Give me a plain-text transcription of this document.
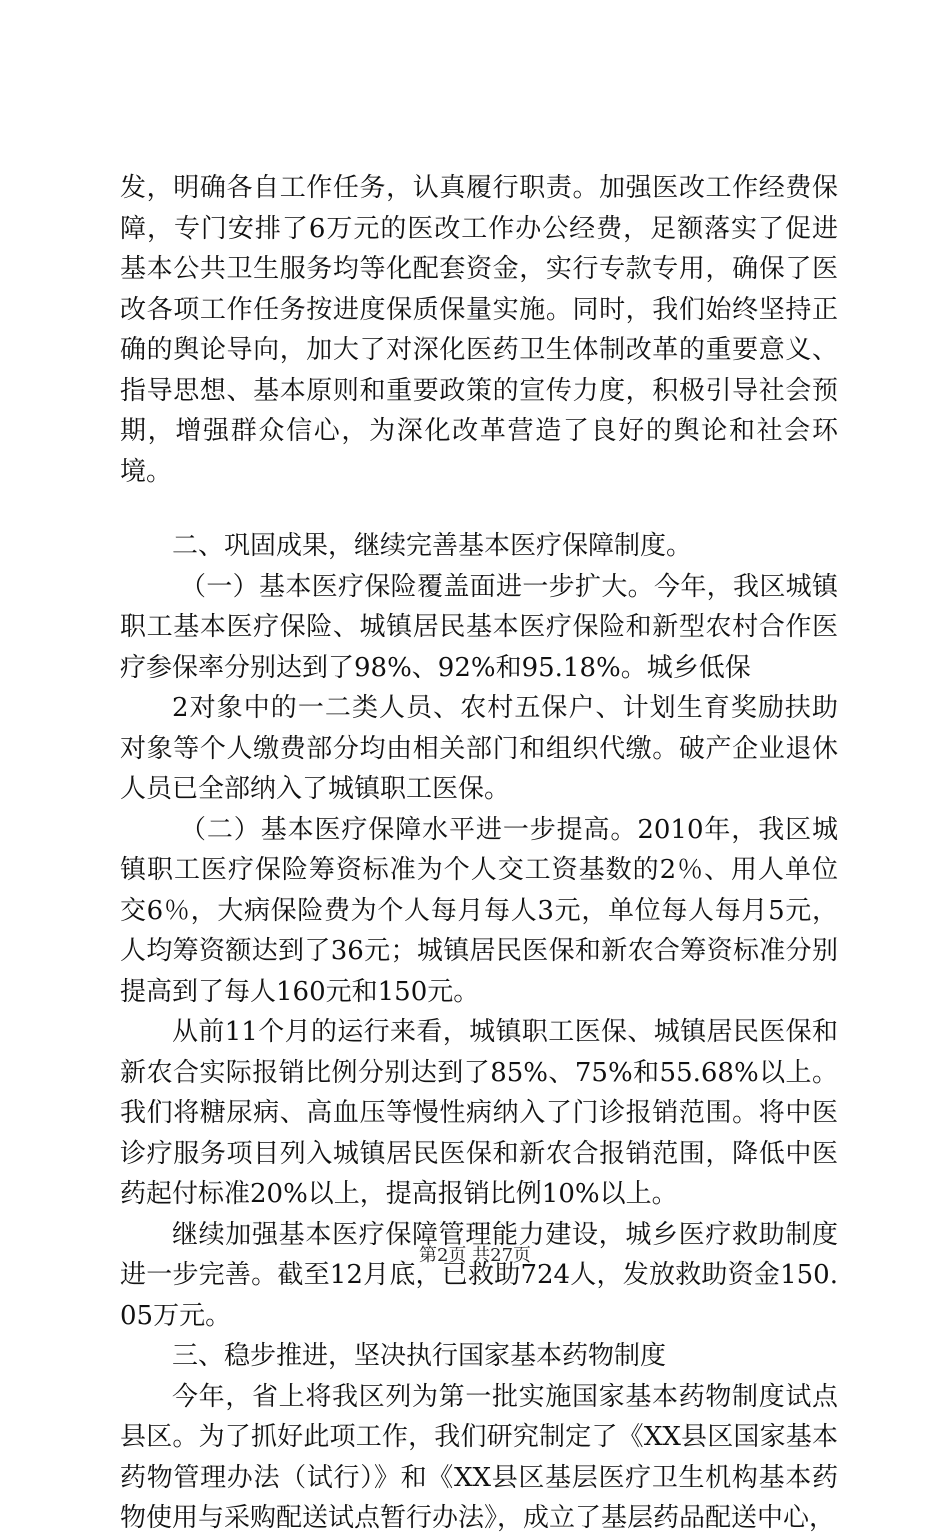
发，明确各自工作任务，认真履行职责。加强医改工作经费保障，专门安排了6万元的医改工作办公经费，足额落实了促进基本公共卫生服务均等化配套资金，实行专款专用，确保了医改各项工作任务按进度保质保量实施。同时，我们始终坚持正确的舆论导向，加大了对深化医药卫生体制改革的重要意义、指导思想、基本原则和重要政策的宣传力度，积极引导社会预期，增强群众信心，为深化改革营造了良好的舆论和社会环境。

二、巩固成果，继续完善基本医疗保障制度。

（一）基本医疗保险覆盖面进一步扩大。今年，我区城镇职工基本医疗保险、城镇居民基本医疗保险和新型农村合作医疗参保率分别达到了98%、92%和95.18%。城乡低保

2对象中的一二类人员、农村五保户、计划生育奖励扶助对象等个人缴费部分均由相关部门和组织代缴。破产企业退休人员已全部纳入了城镇职工医保。

（二）基本医疗保障水平进一步提高。2010年，我区城镇职工医疗保险筹资标准为个人交工资基数的2％、用人单位交6％，大病保险费为个人每月每人3元，单位每人每月5元，人均筹资额达到了36元；城镇居民医保和新农合筹资标准分别提高到了每人160元和150元。

从前11个月的运行来看，城镇职工医保、城镇居民医保和新农合实际报销比例分别达到了85%、75%和55.68%以上。我们将糖尿病、高血压等慢性病纳入了门诊报销范围。将中医诊疗服务项目列入城镇居民医保和新农合报销范围，降低中医药起付标准20%以上，提高报销比例10%以上。

继续加强基本医疗保障管理能力建设，城乡医疗救助制度进一步完善。截至12月底，已救助724人，发放救助资金150.05万元。

三、稳步推进，坚决执行国家基本药物制度

今年，省上将我区列为第一批实施国家基本药物制度试点县区。为了抓好此项工作，我们研究制定了《XX县区国家基本药物管理办法（试行）》和《XX县区基层医疗卫生机构基本药物使用与采购配送试点暂行办法》，成立了基层药品配送中心，

第2页 共27页
